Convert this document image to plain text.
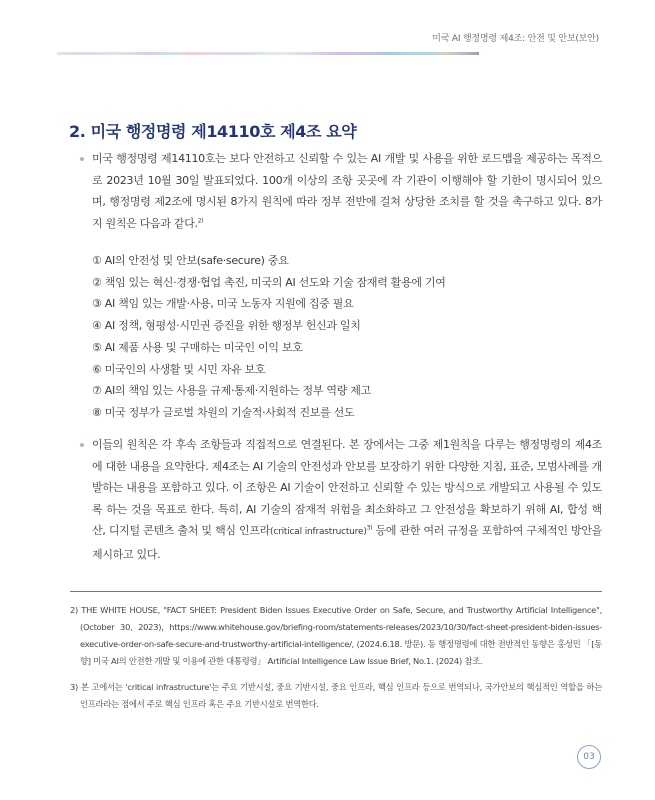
미국 AI 행정명령 제4조: 안전 및 안보(보안)
2. 미국 행정명령 제14110호 제4조 요약
미국 행정명령 제14110호는 보다 안전하고 신뢰할 수 있는 AI 개발 및 사용을 위한 로드맵을 제공하는 목적으로 2023년 10월 30일 발표되었다. 100개 이상의 조항 곳곳에 각 기관이 이행해야 할 기한이 명시되어 있으며, 행정명령 제2조에 명시된 8가지 원칙에 따라 정부 전반에 걸쳐 상당한 조치를 할 것을 촉구하고 있다. 8가지 원칙은 다음과 같다.$^{2)}$
① AI의 안전성 및 안보(safe·secure) 중요
② 책임 있는 혁신·경쟁·협업 촉진, 미국의 AI 선도와 기술 잠재력 활용에 기여
③ AI 책임 있는 개발·사용, 미국 노동자 지원에 집중 필요
④ AI 정책, 형평성·시민권 증진을 위한 행정부 헌신과 일치
⑤ AI 제품 사용 및 구매하는 미국인 이익 보호
⑥ 미국인의 사생활 및 시민 자유 보호
⑦ AI의 책임 있는 사용을 규제·통제·지원하는 정부 역량 제고
⑧ 미국 정부가 글로벌 차원의 기술적·사회적 진보를 선도
이들의 원칙은 각 후속 조항들과 직접적으로 연결된다. 본 장에서는 그중 제1원칙을 다루는 행정명령의 제4조에 대한 내용을 요약한다. 제4조는 AI 기술의 안전성과 안보를 보장하기 위한 다양한 지침, 표준, 모범사례를 개발하는 내용을 포함하고 있다. 이 조항은 AI 기술이 안전하고 신뢰할 수 있는 방식으로 개발되고 사용될 수 있도록 하는 것을 목표로 한다. 특히, AI 기술의 잠재적 위험을 최소화하고 그 안전성을 확보하기 위해 AI, 합성 핵산, 디지털 콘텐츠 출처 및 핵심 인프라(critical infrastructure)$^{3)}$ 등에 관한 여러 규정을 포함하여 구체적인 방안을 제시하고 있다.
2) THE WHITE HOUSE, "FACT SHEET: President Biden Issues Executive Order on Safe, Secure, and Trustworthy Artificial Intelligence", (October 30, 2023), https://www.whitehouse.gov/briefing-room/statements-releases/2023/10/30/fact-sheet-president-biden-issues-executive-order-on-safe-secure-and-trustworthy-artificial-intelligence/, (2024.6.18. 방문). 동 행정명령에 대한 전반적인 동향은 홍성민 「[동향] 미국 AI의 안전한 개발 및 이용에 관한 대통령령」 Artificial Intelligence Law Issue Brief, No.1. (2024) 참조.
3) 본 고에서는 'critical infrastructure'는 주요 기반시설, 중요 기반시설, 중요 인프라, 핵심 인프라 등으로 번역되나, 국가안보의 핵심적인 역할을 하는 인프라라는 점에서 주로 핵심 인프라 혹은 주요 기반시설로 번역한다.
03
